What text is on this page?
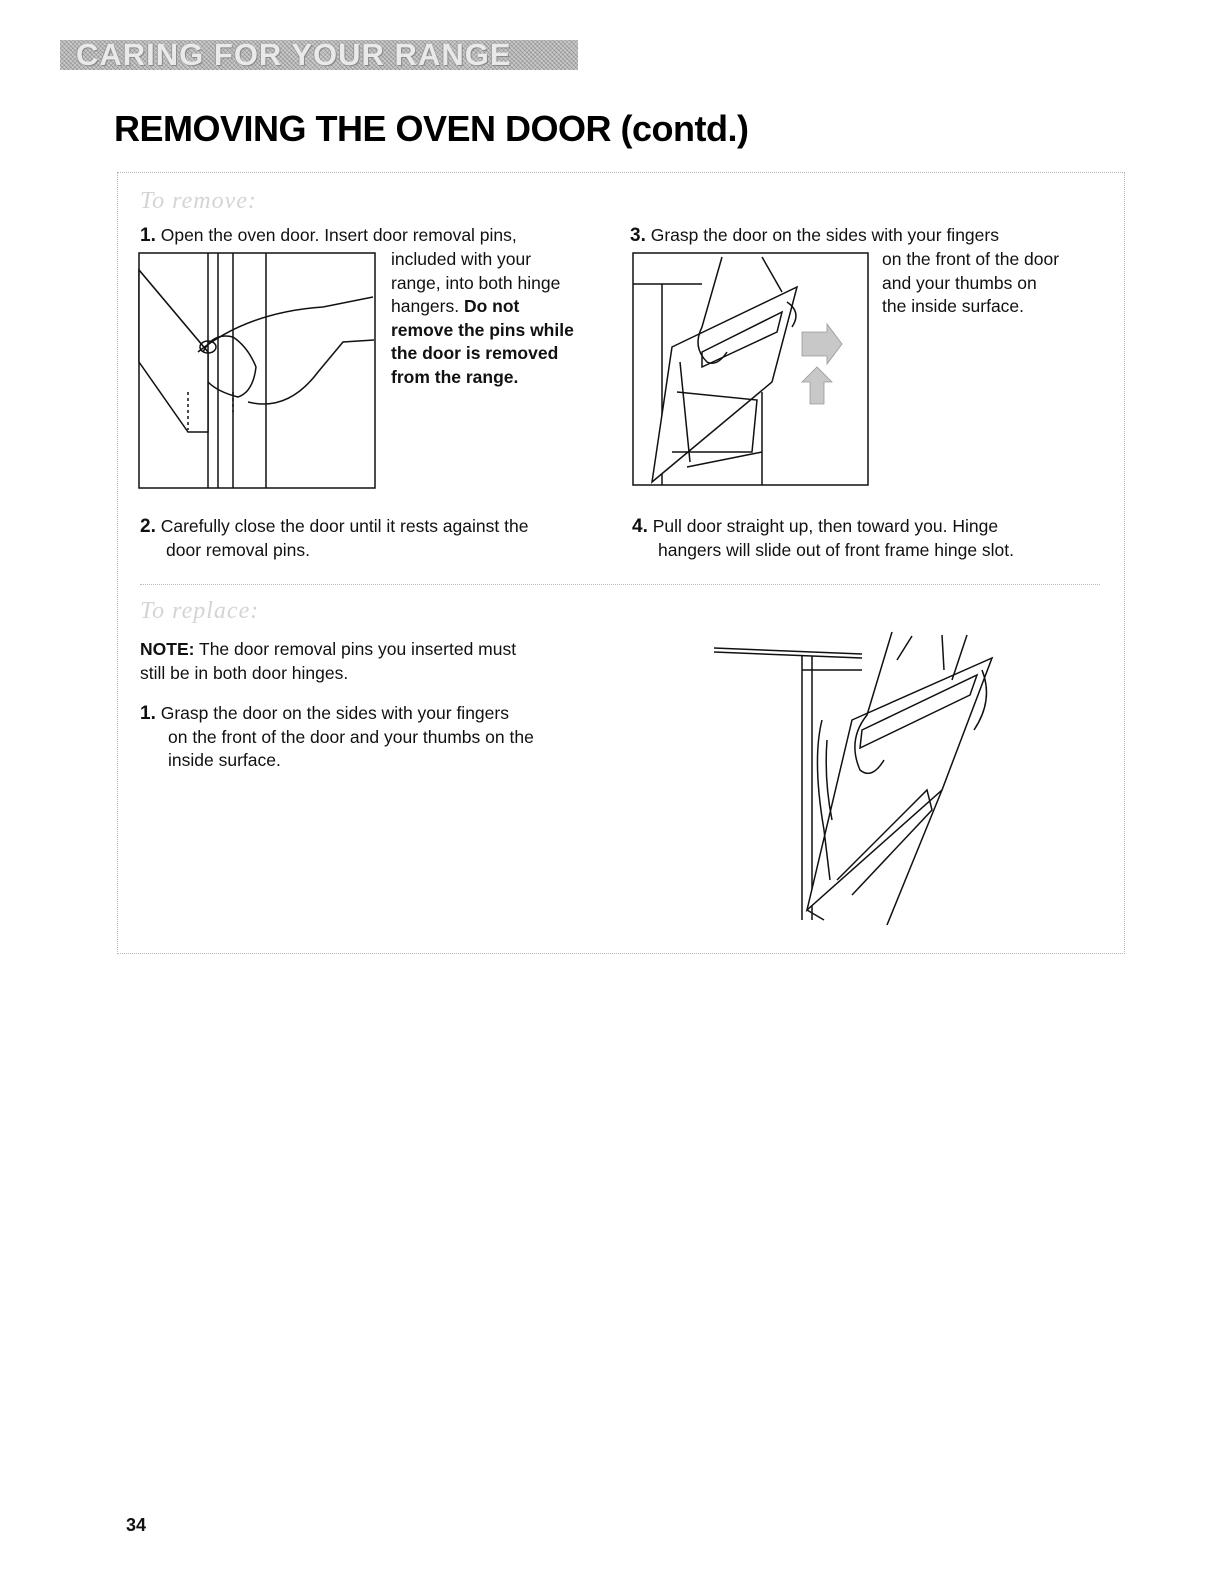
CARING FOR YOUR RANGE
REMOVING THE OVEN DOOR (contd.)
To remove:
1. Open the oven door. Insert door removal pins,
included with your
range, into both hinge
hangers. Do not
remove the pins while
the door is removed
from the range.
3. Grasp the door on the sides with your fingers
on the front of the door
and your thumbs on
the inside surface.
2. Carefully close the door until it rests against the
door removal pins.
4. Pull door straight up, then toward you. Hinge
hangers will slide out of front frame hinge slot.
To replace:
NOTE: The door removal pins you inserted must
still be in both door hinges.
1. Grasp the door on the sides with your fingers
on the front of the door and your thumbs on the
inside surface.
34
